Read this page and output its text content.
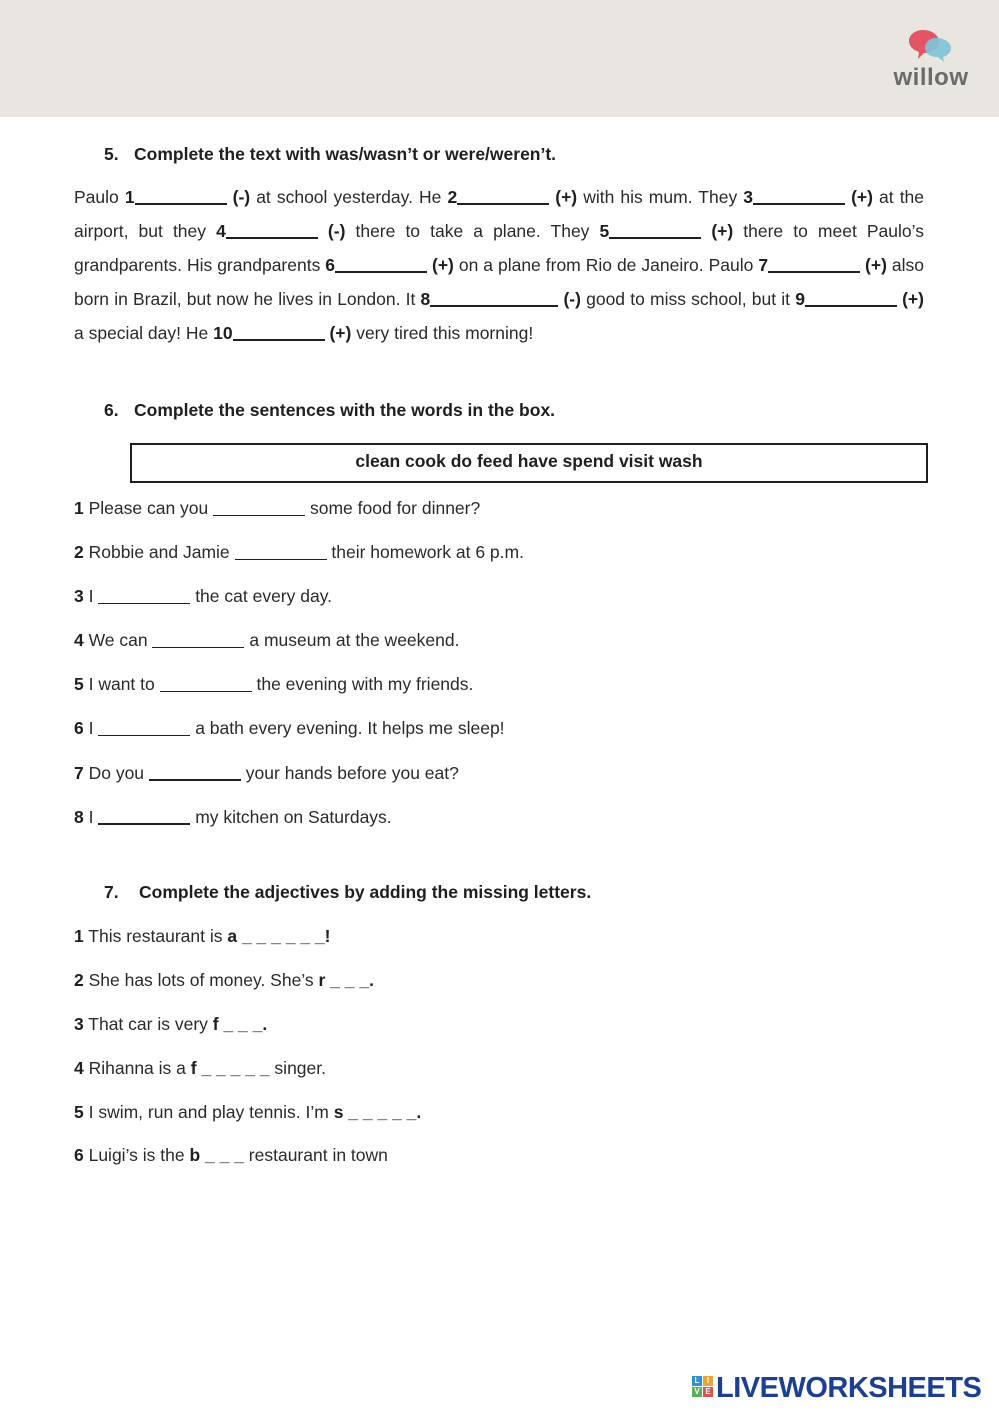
willow
5. Complete the text with was/wasn’t or were/weren’t.
Paulo 1	(-) at school yesterday. He 2	(+) with his mum. They 3	(+) at the airport, but they 4	(-) there to take a plane. They 5	(+) there to meet Paulo’s grandparents. His grandparents 6	(+) on a plane from Rio de Janeiro. Paulo 7	(+) also born in Brazil, but now he lives in London. It 8	(-) good to miss school, but it 9	(+) a special day! He 10	(+) very tired this morning!
6. Complete the sentences with the words in the box.
clean cook do feed have spend visit wash
1 Please can you	some food for dinner?
2 Robbie and Jamie	their homework at 6 p.m.
3 I	the cat every day.
4 We can	a museum at the weekend.
5 I want to	the evening with my friends.
6 I	a bath every evening. It helps me sleep!
7 Do you	your hands before you eat?
8 I	my kitchen on Saturdays.
7. Complete the adjectives by adding the missing letters.
1 This restaurant is a _ _ _ _ _ _!
2 She has lots of money. She’s r _ _ _.
3 That car is very f _ _ _.
4 Rihanna is a f _ _ _ _ _ singer.
5 I swim, run and play tennis. I’m s _ _ _ _ _.
6 Luigi’s is the b _ _ _ restaurant in town
L I
V E LIVEWORKSHEETS
